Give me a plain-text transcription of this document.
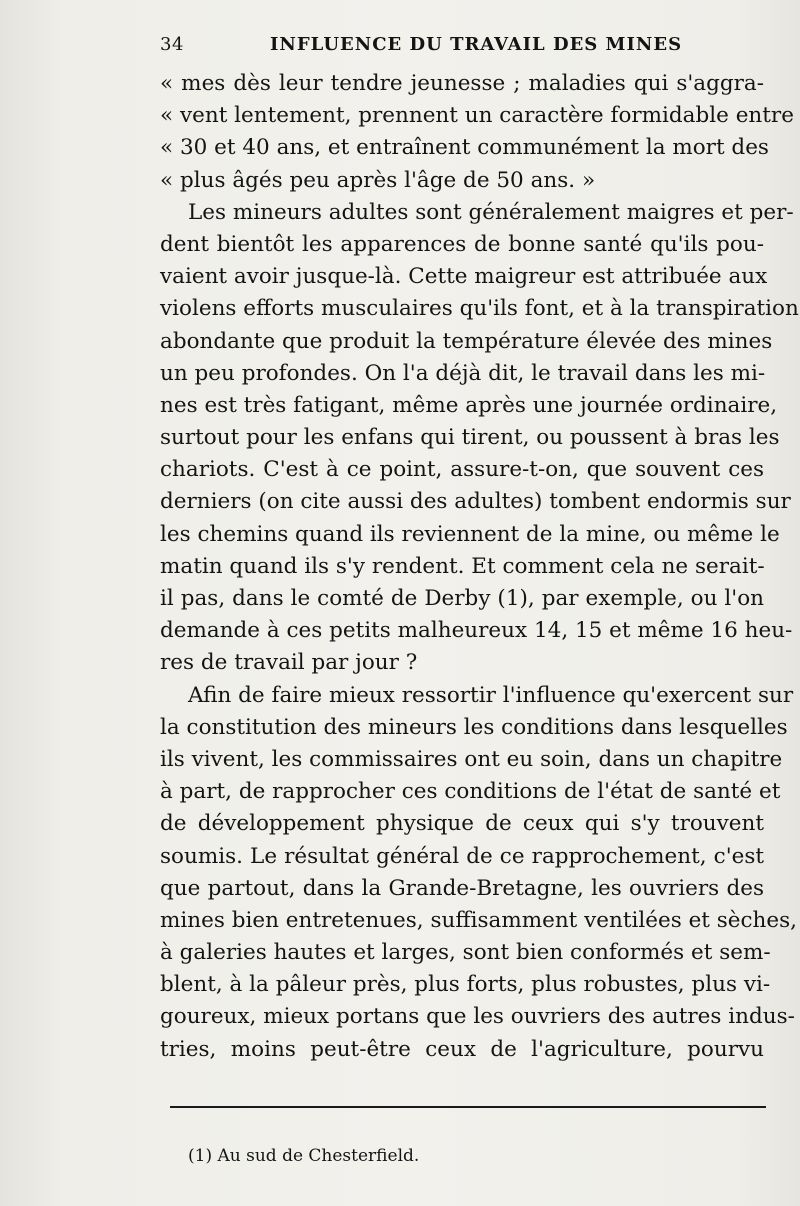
34	INFLUENCE DU TRAVAIL DES MINES
« mes dès leur tendre jeunesse ; maladies qui s'aggra-
« vent lentement, prennent un caractère formidable entre
« 30 et 40 ans, et entraînent communément la mort des
« plus âgés peu après l'âge de 50 ans. »
Les mineurs adultes sont généralement maigres et per-
dent bientôt les apparences de bonne santé qu'ils pou-
vaient avoir jusque-là. Cette maigreur est attribuée aux
violens efforts musculaires qu'ils font, et à la transpiration
abondante que produit la température élevée des mines
un peu profondes. On l'a déjà dit, le travail dans les mi-
nes est très fatigant, même après une journée ordinaire,
surtout pour les enfans qui tirent, ou poussent à bras les
chariots. C'est à ce point, assure-t-on, que souvent ces
derniers (on cite aussi des adultes) tombent endormis sur
les chemins quand ils reviennent de la mine, ou même le
matin quand ils s'y rendent. Et comment cela ne serait-
il pas, dans le comté de Derby (1), par exemple, ou l'on
demande à ces petits malheureux 14, 15 et même 16 heu-
res de travail par jour ?
Afin de faire mieux ressortir l'influence qu'exercent sur
la constitution des mineurs les conditions dans lesquelles
ils vivent, les commissaires ont eu soin, dans un chapitre
à part, de rapprocher ces conditions de l'état de santé et
de développement physique de ceux qui s'y trouvent
soumis. Le résultat général de ce rapprochement, c'est
que partout, dans la Grande-Bretagne, les ouvriers des
mines bien entretenues, suffisamment ventilées et sèches,
à galeries hautes et larges, sont bien conformés et sem-
blent, à la pâleur près, plus forts, plus robustes, plus vi-
goureux, mieux portans que les ouvriers des autres indus-
tries, moins peut-être ceux de l'agriculture, pourvu
(1) Au sud de Chesterfield.
